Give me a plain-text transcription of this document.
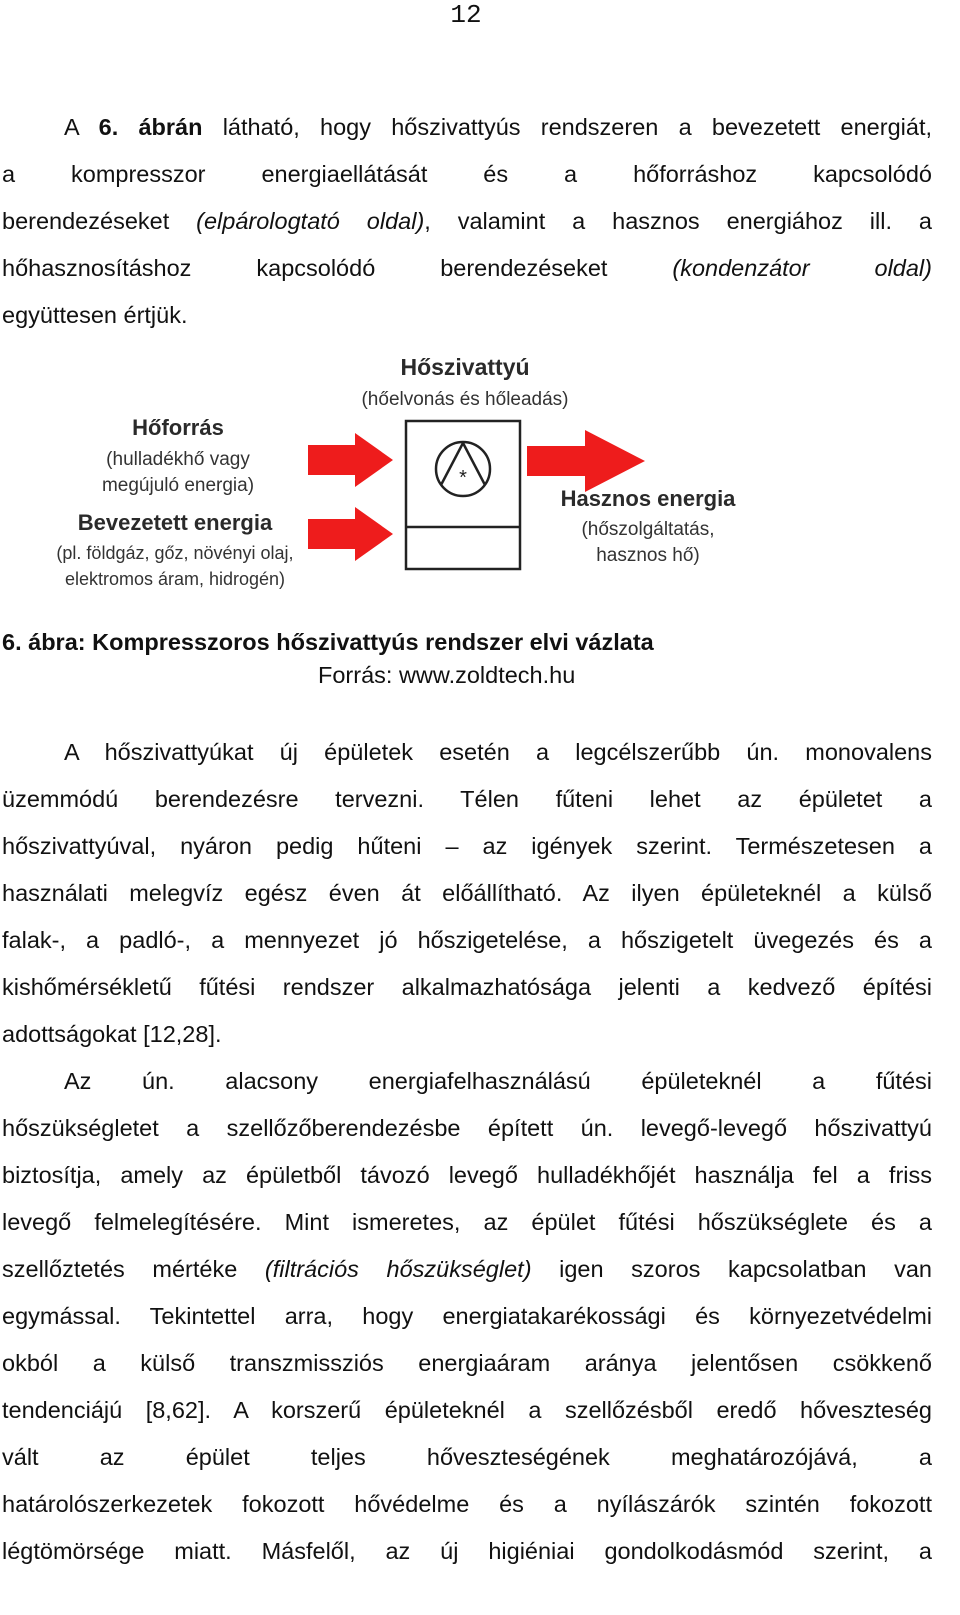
12
A 6. ábrán látható, hogy hőszivattyús rendszeren a bevezetett energiát,
a kompresszor energiaellátását és a hőforráshoz kapcsolódó
berendezéseket (elpárologtató oldal), valamint a hasznos energiához ill. a
hőhasznosításhoz kapcsolódó berendezéseket (kondenzátor oldal)
együttesen értjük.
Hőszivattyú
(hőelvonás és hőleadás)
Hőforrás
(hulladékhő vagy
megújuló energia)
Bevezetett energia
(pl. földgáz, gőz, növényi olaj,
elektromos áram, hidrogén)
*
Hasznos energia
(hőszolgáltatás,
hasznos hő)
6. ábra: Kompresszoros hőszivattyús rendszer elvi vázlata
Forrás: www.zoldtech.hu
A hőszivattyúkat új épületek esetén a legcélszerűbb ún. monovalens
üzemmódú berendezésre tervezni. Télen fűteni lehet az épületet a
hőszivattyúval, nyáron pedig hűteni – az igények szerint. Természetesen a
használati melegvíz egész éven át előállítható. Az ilyen épületeknél a külső
falak-, a padló-, a mennyezet jó hőszigetelése, a hőszigetelt üvegezés és a
kishőmérsékletű fűtési rendszer alkalmazhatósága jelenti a kedvező építési
adottságokat [12,28].
Az ún. alacsony energiafelhasználású épületeknél a fűtési
hőszükségletet a szellőzőberendezésbe épített ún. levegő-levegő hőszivattyú
biztosítja, amely az épületből távozó levegő hulladékhőjét használja fel a friss
levegő felmelegítésére. Mint ismeretes, az épület fűtési hőszükséglete és a
szellőztetés mértéke (filtrációs hőszükséglet) igen szoros kapcsolatban van
egymással. Tekintettel arra, hogy energiatakarékossági és környezetvédelmi
okból a külső transzmissziós energiaáram aránya jelentősen csökkenő
tendenciájú [8,62]. A korszerű épületeknél a szellőzésből eredő hőveszteség
vált az épület teljes hőveszteségének meghatározójává, a
határolószerkezetek fokozott hővédelme és a nyílászárók szintén fokozott
légtömörsége miatt. Másfelől, az új higiéniai gondolkodásmód szerint, a
